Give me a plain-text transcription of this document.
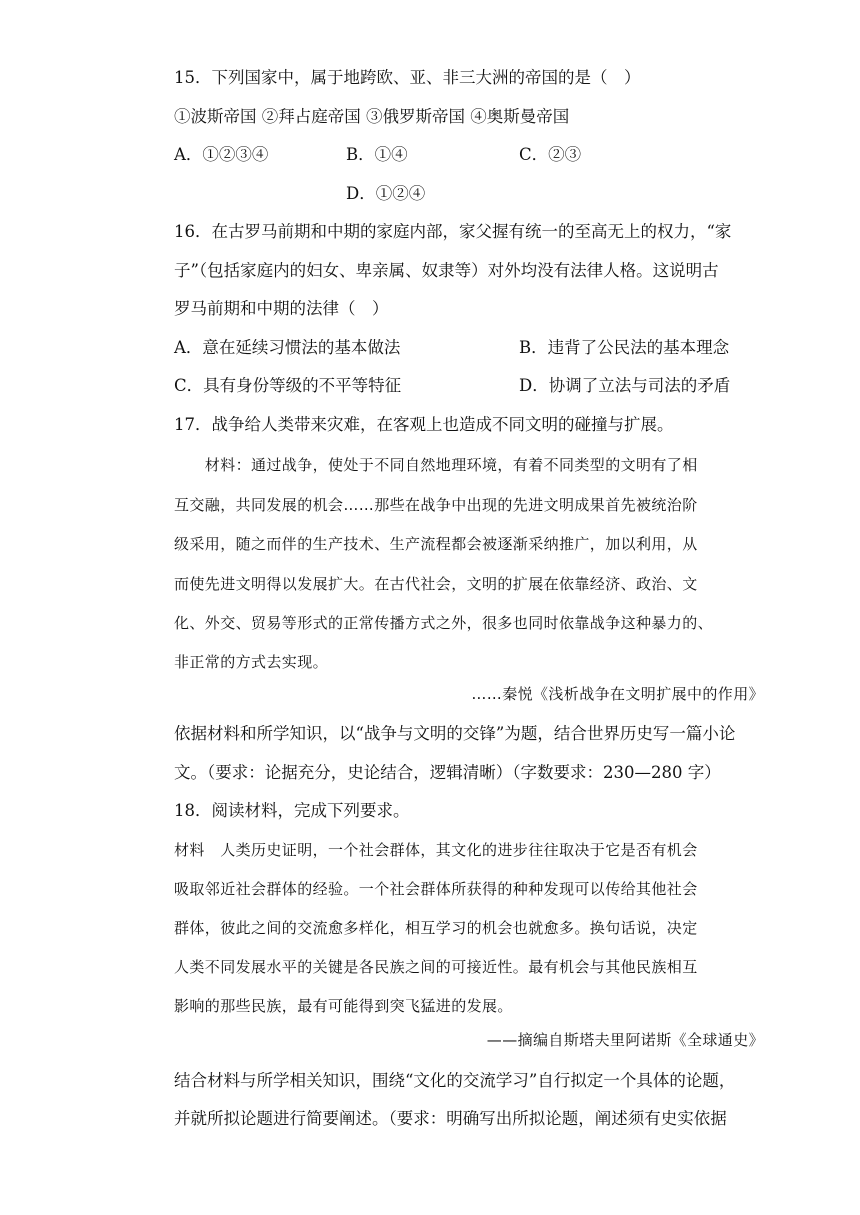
15．下列国家中，属于地跨欧、亚、非三大洲的帝国的是（　）
①波斯帝国 ②拜占庭帝国 ③俄罗斯帝国 ④奥斯曼帝国
A．①②③④	B．①④	C．②③
D．①②④
16．在古罗马前期和中期的家庭内部，家父握有统一的至高无上的权力，“家
子”（包括家庭内的妇女、卑亲属、奴隶等）对外均没有法律人格。这说明古
罗马前期和中期的法律（　）
A．意在延续习惯法的基本做法	B．违背了公民法的基本理念
C．具有身份等级的不平等特征	D．协调了立法与司法的矛盾
17．战争给人类带来灾难，在客观上也造成不同文明的碰撞与扩展。
　　材料：通过战争，使处于不同自然地理环境，有着不同类型的文明有了相
互交融，共同发展的机会……那些在战争中出现的先进文明成果首先被统治阶
级采用，随之而伴的生产技术、生产流程都会被逐渐采纳推广，加以利用，从
而使先进文明得以发展扩大。在古代社会，文明的扩展在依靠经济、政治、文
化、外交、贸易等形式的正常传播方式之外，很多也同时依靠战争这种暴力的、
非正常的方式去实现。
……秦悦《浅析战争在文明扩展中的作用》
依据材料和所学知识，以“战争与文明的交锋”为题，结合世界历史写一篇小论
文。（要求：论据充分，史论结合，逻辑清晰）（字数要求：230—280 字）
18．阅读材料，完成下列要求。
材料　人类历史证明，一个社会群体，其文化的进步往往取决于它是否有机会
吸取邻近社会群体的经验。一个社会群体所获得的种种发现可以传给其他社会
群体，彼此之间的交流愈多样化，相互学习的机会也就愈多。换句话说，决定
人类不同发展水平的关键是各民族之间的可接近性。最有机会与其他民族相互
影响的那些民族，最有可能得到突飞猛进的发展。
——摘编自斯塔夫里阿诺斯《全球通史》
结合材料与所学相关知识，围绕“文化的交流学习”自行拟定一个具体的论题，
并就所拟论题进行简要阐述。（要求：明确写出所拟论题，阐述须有史实依据
